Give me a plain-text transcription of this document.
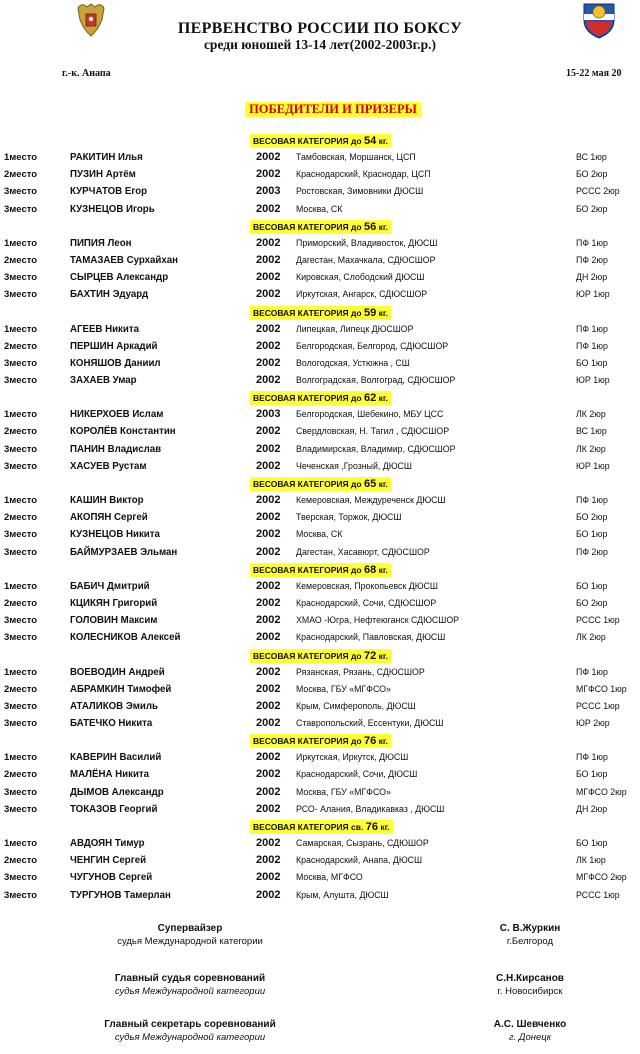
ПЕРВЕНСТВО РОССИИ ПО БОКСУ
среди юношей 13-14 лет(2002-2003г.р.)
г.-к. Анапа	15-22 мая 20
ПОБЕДИТЕЛИ И ПРИЗЕРЫ
ВЕСОВАЯ КАТЕГОРИЯ до 54 кг.
1место	РАКИТИН Илья	2002 Тамбовская, Моршанск, ЦСП	ВС 1юр
2место	ПУЗИН Артём	2002 Краснодарский, Краснодар, ЦСП	БО 2юр
3место	КУРЧАТОВ Егор	2003 Ростовская, Зимовники ДЮСШ	РССС 2юр
3место	КУЗНЕЦОВ Игорь	2002 Москва, СК	БО 2юр
ВЕСОВАЯ КАТЕГОРИЯ до 56 кг.
1место	ПИПИЯ Леон	2002 Приморский, Владивосток, ДЮСШ	ПФ 1юр
2место	ТАМАЗАЕВ Сурхайхан	2002 Дагестан, Махачкала, СДЮСШОР	ПФ 2юр
3место	СЫРЦЕВ Александр	2002 Кировская, Слободский ДЮСШ	ДН 2юр
3место	БАХТИН Эдуард	2002 Иркутская, Ангарск, СДЮСШОР	ЮР 1юр
ВЕСОВАЯ КАТЕГОРИЯ до 59 кг.
1место	АГЕЕВ Никита	2002 Липецкая, Липецк ДЮСШОР	ПФ 1юр
2место	ПЕРШИН Аркадий	2002 Белгородская, Белгород, СДЮСШОР	ПФ 1юр
3место	КОНЯШОВ Даниил	2002 Вологодская, Устюжна , СШ	БО 1юр
3место	ЗАХАЕВ Умар	2002 Волгоградская, Волгоград, СДЮСШОР	ЮР 1юр
ВЕСОВАЯ КАТЕГОРИЯ до 62 кг.
1место	НИКЕРХОЕВ Ислам	2003 Белгородская, Шебекино, МБУ ЦСС	ЛК 2юр
2место	КОРОЛЁВ Константин	2002 Свердловская, Н. Тагил , СДЮСШОР	ВС 1юр
3место	ПАНИН Владислав	2002 Владимирская, Владимир, СДЮСШОР	ЛК 2юр
3место	ХАСУЕВ Рустам	2002 Чеченская ,Грозный, ДЮСШ	ЮР 1юр
ВЕСОВАЯ КАТЕГОРИЯ до 65 кг.
1место	КАШИН Виктор	2002 Кемеровская, Междуреченск ДЮСШ	ПФ 1юр
2место	АКОПЯН Сергей	2002 Тверская, Торжок, ДЮСШ	БО 2юр
3место	КУЗНЕЦОВ Никита	2002 Москва, СК	БО 1юр
3место	БАЙМУРЗАЕВ Эльман	2002 Дагестан, Хасавюрт, СДЮСШОР	ПФ 2юр
ВЕСОВАЯ КАТЕГОРИЯ до 68 кг.
1место	БАБИЧ Дмитрий	2002 Кемеровская, Прокопьевск ДЮСШ	БО 1юр
2место	КЦИКЯН Григорий	2002 Краснодарский, Сочи, СДЮСШОР	БО 2юр
3место	ГОЛОВИН Максим	2002 ХМАО -Югра, Нефтеюганск СДЮСШОР	РССС 1юр
3место	КОЛЕСНИКОВ Алексей	2002 Краснодарский, Павловская, ДЮСШ	ЛК 2юр
ВЕСОВАЯ КАТЕГОРИЯ до 72 кг.
1место	ВОЕВОДИН Андрей	2002 Рязанская, Рязань, СДЮСШОР	ПФ 1юр
2место	АБРАМКИН Тимофей	2002 Москва, ГБУ «МГФСО»	МГФСО 1юр
3место	АТАЛИКОВ Эмиль	2002 Крым, Симферополь, ДЮСШ	РССС 1юр
3место	БАТЕЧКО Никита	2002 Ставропольский, Ессентуки, ДЮСШ	ЮР 2юр
ВЕСОВАЯ КАТЕГОРИЯ до 76 кг.
1место	КАВЕРИН Василий	2002 Иркутская, Иркутск, ДЮСШ	ПФ 1юр
2место	МАЛЁНА Никита	2002 Краснодарский, Сочи, ДЮСШ	БО 1юр
3место	ДЫМОВ Александр	2002 Москва, ГБУ «МГФСО»	МГФСО 2юр
3место	ТОКАЗОВ Георгий	2002 РСО- Алания, Владикавказ , ДЮСШ	ДН 2юр
ВЕСОВАЯ КАТЕГОРИЯ св. 76 кг.
1место	АВДОЯН Тимур	2002 Самарская, Сызрань, СДЮШОР	БО 1юр
2место	ЧЕНГИН Сергей	2002 Краснодарский, Анапа, ДЮСШ	ЛК 1юр
3место	ЧУГУНОВ Сергей	2002 Москва, МГФСО	МГФСО 2юр
3место	ТУРГУНОВ Тамерлан	2002 Крым, Алушта, ДЮСШ	РССС 1юр
Супервайзер
судья Международной категории
С. В.Журкин
г.Белгород
Главный судья соревнований
судья Международной категории
С.Н.Кирсанов
г. Новосибирск
Главный секретарь соревнований
судья Международной категории
А.С. Шевченко
г. Донецк
